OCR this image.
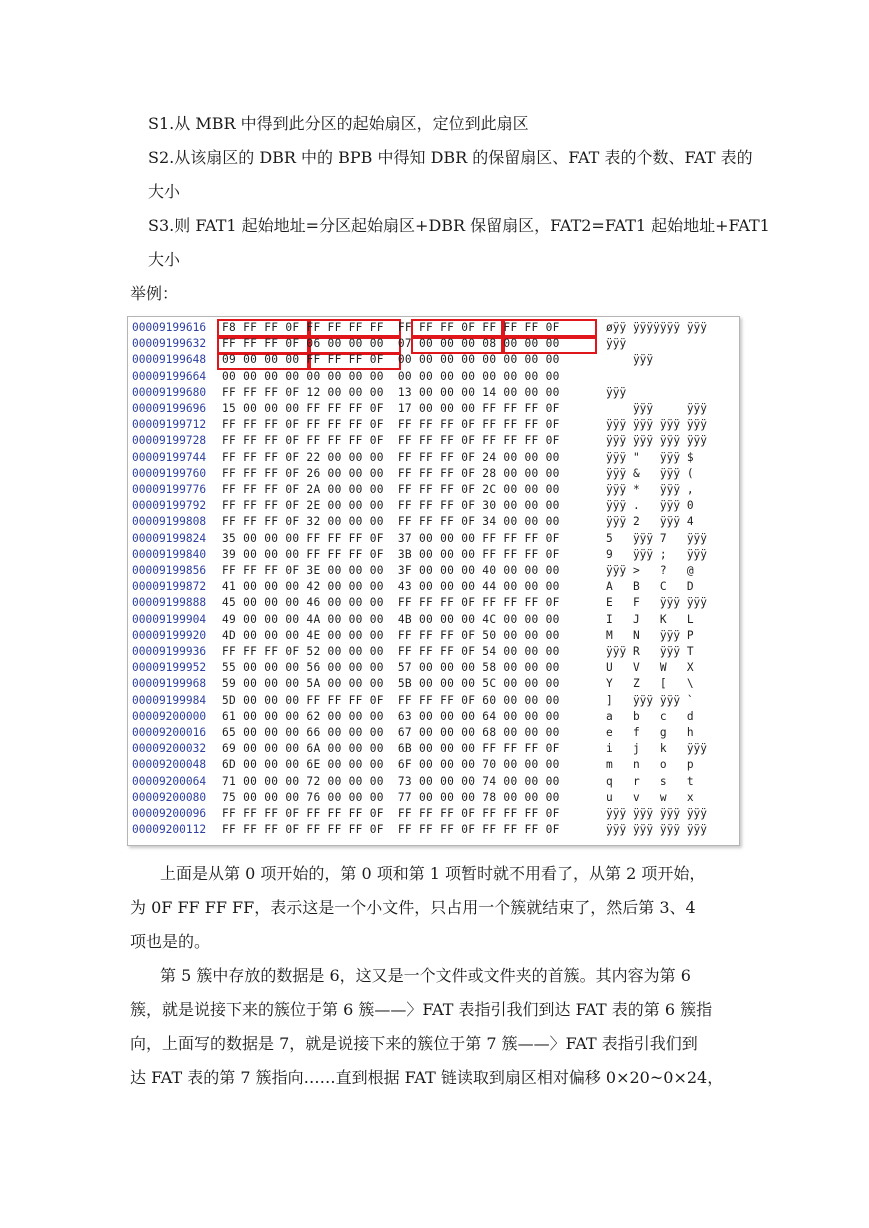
S1.从 MBR 中得到此分区的起始扇区，定位到此扇区
S2.从该扇区的 DBR 中的 BPB 中得知 DBR 的保留扇区、FAT 表的个数、FAT 表的
大小
S3.则 FAT1 起始地址=分区起始扇区+DBR 保留扇区，FAT2=FAT1 起始地址+FAT1
大小
举例：
00009199616 F8 FF FF 0F FF FF FF FF  FF FF FF 0F FF FF FF 0F	øÿÿ ÿÿÿÿÿÿÿ ÿÿÿ
00009199632 FF FF FF 0F 06 00 00 00  07 00 00 00 08 00 00 00	ÿÿÿ
00009199648 09 00 00 00 FF FF FF 0F  00 00 00 00 00 00 00 00	ÿÿÿ
00009199664 00 00 00 00 00 00 00 00  00 00 00 00 00 00 00 00
00009199680 FF FF FF 0F 12 00 00 00  13 00 00 00 14 00 00 00	ÿÿÿ
00009199696 15 00 00 00 FF FF FF 0F  17 00 00 00 FF FF FF 0F	ÿÿÿ     ÿÿÿ
00009199712 FF FF FF 0F FF FF FF 0F  FF FF FF 0F FF FF FF 0F	ÿÿÿ ÿÿÿ ÿÿÿ ÿÿÿ
00009199728 FF FF FF 0F FF FF FF 0F  FF FF FF 0F FF FF FF 0F	ÿÿÿ ÿÿÿ ÿÿÿ ÿÿÿ
00009199744 FF FF FF 0F 22 00 00 00  FF FF FF 0F 24 00 00 00	ÿÿÿ "   ÿÿÿ $
00009199760 FF FF FF 0F 26 00 00 00  FF FF FF 0F 28 00 00 00	ÿÿÿ &   ÿÿÿ (
00009199776 FF FF FF 0F 2A 00 00 00  FF FF FF 0F 2C 00 00 00	ÿÿÿ *   ÿÿÿ ,
00009199792 FF FF FF 0F 2E 00 00 00  FF FF FF 0F 30 00 00 00	ÿÿÿ .   ÿÿÿ 0
00009199808 FF FF FF 0F 32 00 00 00  FF FF FF 0F 34 00 00 00	ÿÿÿ 2   ÿÿÿ 4
00009199824 35 00 00 00 FF FF FF 0F  37 00 00 00 FF FF FF 0F	5   ÿÿÿ 7   ÿÿÿ
00009199840 39 00 00 00 FF FF FF 0F  3B 00 00 00 FF FF FF 0F	9   ÿÿÿ ;   ÿÿÿ
00009199856 FF FF FF 0F 3E 00 00 00  3F 00 00 00 40 00 00 00	ÿÿÿ >   ?   @
00009199872 41 00 00 00 42 00 00 00  43 00 00 00 44 00 00 00	A   B   C   D
00009199888 45 00 00 00 46 00 00 00  FF FF FF 0F FF FF FF 0F	E   F   ÿÿÿ ÿÿÿ
00009199904 49 00 00 00 4A 00 00 00  4B 00 00 00 4C 00 00 00	I   J   K   L
00009199920 4D 00 00 00 4E 00 00 00  FF FF FF 0F 50 00 00 00	M   N   ÿÿÿ P
00009199936 FF FF FF 0F 52 00 00 00  FF FF FF 0F 54 00 00 00	ÿÿÿ R   ÿÿÿ T
00009199952 55 00 00 00 56 00 00 00  57 00 00 00 58 00 00 00	U   V   W   X
00009199968 59 00 00 00 5A 00 00 00  5B 00 00 00 5C 00 00 00	Y   Z   [   \
00009199984 5D 00 00 00 FF FF FF 0F  FF FF FF 0F 60 00 00 00	]   ÿÿÿ ÿÿÿ `
00009200000 61 00 00 00 62 00 00 00  63 00 00 00 64 00 00 00	a   b   c   d
00009200016 65 00 00 00 66 00 00 00  67 00 00 00 68 00 00 00	e   f   g   h
00009200032 69 00 00 00 6A 00 00 00  6B 00 00 00 FF FF FF 0F	i   j   k   ÿÿÿ
00009200048 6D 00 00 00 6E 00 00 00  6F 00 00 00 70 00 00 00	m   n   o   p
00009200064 71 00 00 00 72 00 00 00  73 00 00 00 74 00 00 00	q   r   s   t
00009200080 75 00 00 00 76 00 00 00  77 00 00 00 78 00 00 00	u   v   w   x
00009200096 FF FF FF 0F FF FF FF 0F  FF FF FF 0F FF FF FF 0F	ÿÿÿ ÿÿÿ ÿÿÿ ÿÿÿ
00009200112 FF FF FF 0F FF FF FF 0F  FF FF FF 0F FF FF FF 0F	ÿÿÿ ÿÿÿ ÿÿÿ ÿÿÿ
上面是从第 0 项开始的，第 0 项和第 1 项暂时就不用看了，从第 2 项开始，
为 0F FF FF FF，表示这是一个小文件，只占用一个簇就结束了，然后第 3、4
项也是的。
第 5 簇中存放的数据是 6，这又是一个文件或文件夹的首簇。其内容为第 6
簇，就是说接下来的簇位于第 6 簇——〉FAT 表指引我们到达 FAT 表的第 6 簇指
向，上面写的数据是 7，就是说接下来的簇位于第 7 簇——〉FAT 表指引我们到
达 FAT 表的第 7 簇指向……直到根据 FAT 链读取到扇区相对偏移 0×20~0×24，
